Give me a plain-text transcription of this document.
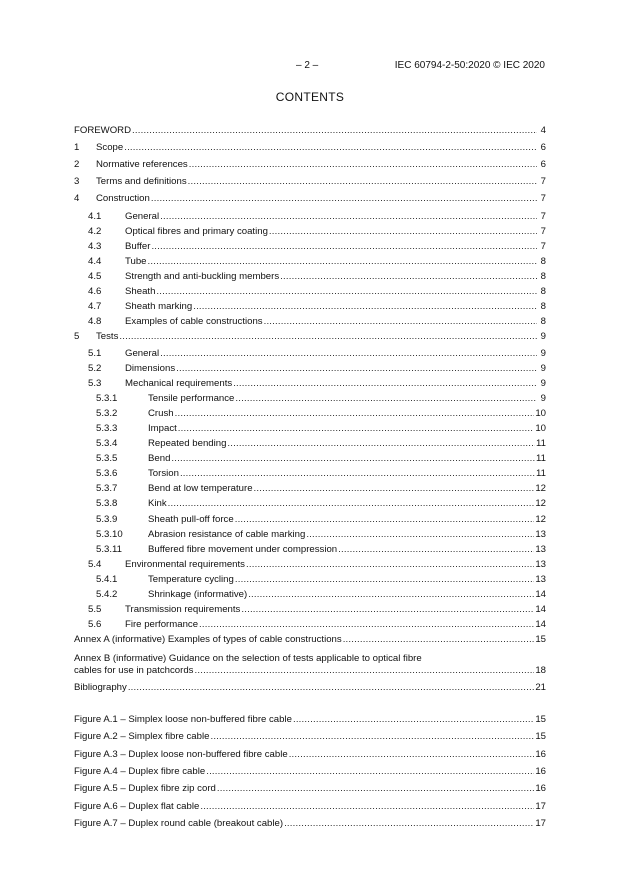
– 2 –	IEC 60794-2-50:2020 © IEC 2020
CONTENTS
FOREWORD .....	4
1	Scope .....	6
2	Normative references .....	6
3	Terms and definitions .....	7
4	Construction .....	7
4.1	General .....	7
4.2	Optical fibres and primary coating .....	7
4.3	Buffer .....	7
4.4	Tube .....	8
4.5	Strength and anti-buckling members .....	8
4.6	Sheath .....	8
4.7	Sheath marking .....	8
4.8	Examples of cable constructions .....	8
5	Tests .....	9
5.1	General .....	9
5.2	Dimensions .....	9
5.3	Mechanical requirements .....	9
5.3.1	Tensile performance .....	9
5.3.2	Crush .....	10
5.3.3	Impact .....	10
5.3.4	Repeated bending .....	11
5.3.5	Bend .....	11
5.3.6	Torsion .....	11
5.3.7	Bend at low temperature .....	12
5.3.8	Kink .....	12
5.3.9	Sheath pull-off force .....	12
5.3.10	Abrasion resistance of cable marking .....	13
5.3.11	Buffered fibre movement under compression .....	13
5.4	Environmental requirements .....	13
5.4.1	Temperature cycling .....	13
5.4.2	Shrinkage (informative) .....	14
5.5	Transmission requirements .....	14
5.6	Fire performance .....	14
Annex A (informative) Examples of types of cable constructions .....	15
Annex B (informative) Guidance on the selection of tests applicable to optical fibre
cables for use in patchcords .....	18
Bibliography .....	21
Figure A.1 – Simplex loose non-buffered fibre cable .....	15
Figure A.2 – Simplex fibre cable .....	15
Figure A.3 – Duplex loose non-buffered fibre cable .....	16
Figure A.4 – Duplex fibre cable .....	16
Figure A.5 – Duplex fibre zip cord .....	16
Figure A.6 – Duplex flat cable .....	17
Figure A.7 – Duplex round cable (breakout cable) .....	17
